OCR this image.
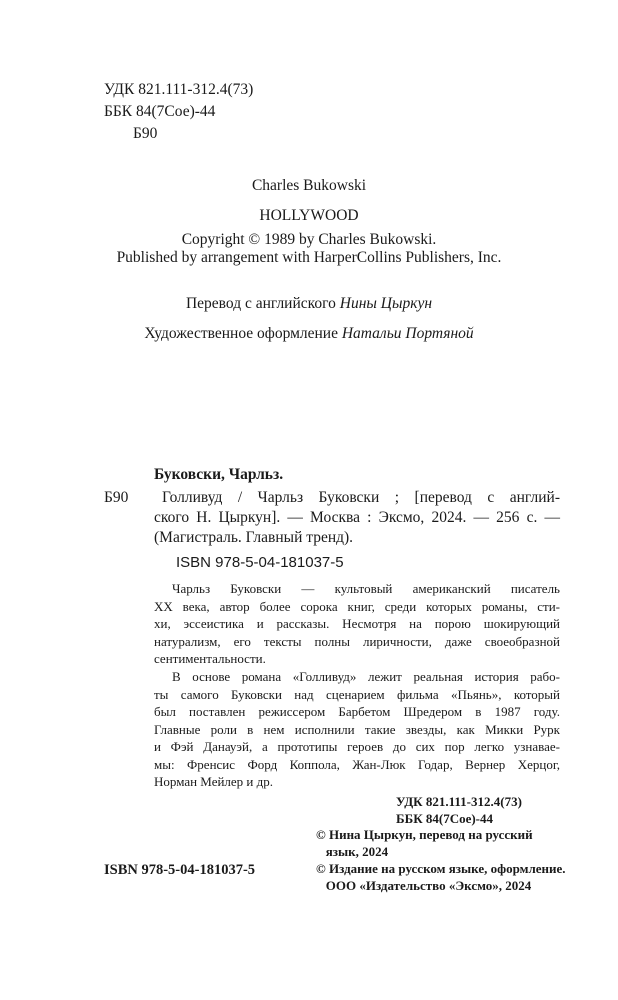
УДК 821.111-312.4(73)
ББК 84(7Сое)-44
Б90
Charles Bukowski
HOLLYWOOD
Copyright © 1989 by Charles Bukowski.
Published by arrangement with HarperCollins Publishers, Inc.
Перевод с английского Нины Цыркун
Художественное оформление Натальи Портяной
Буковски, Чарльз.
Б90	Голливуд / Чарльз Буковски ; [перевод с англий-
ского Н. Цыркун]. — Москва : Эксмо, 2024. — 256 с. —
(Магистраль. Главный тренд).
ISBN 978-5-04-181037-5
Чарльз Буковски — культовый американский писатель
XX века, автор более сорока книг, среди которых романы, сти-
хи, эссеистика и рассказы. Несмотря на порою шокирующий
натурализм, его тексты полны лиричности, даже своеобразной
сентиментальности.
В основе романа «Голливуд» лежит реальная история рабо-
ты самого Буковски над сценарием фильма «Пьянь», который
был поставлен режиссером Барбетом Шредером в 1987 году.
Главные роли в нем исполнили такие звезды, как Микки Рурк
и Фэй Данауэй, а прототипы героев до сих пор легко узнавае-
мы: Френсис Форд Коппола, Жан-Люк Годар, Вернер Херцог,
Норман Мейлер и др.
УДК 821.111-312.4(73)
ББК 84(7Сое)-44
ISBN 978-5-04-181037-5
© Нина Цыркун, перевод на русский
язык, 2024
© Издание на русском языке, оформление.
ООО «Издательство «Эксмо», 2024
